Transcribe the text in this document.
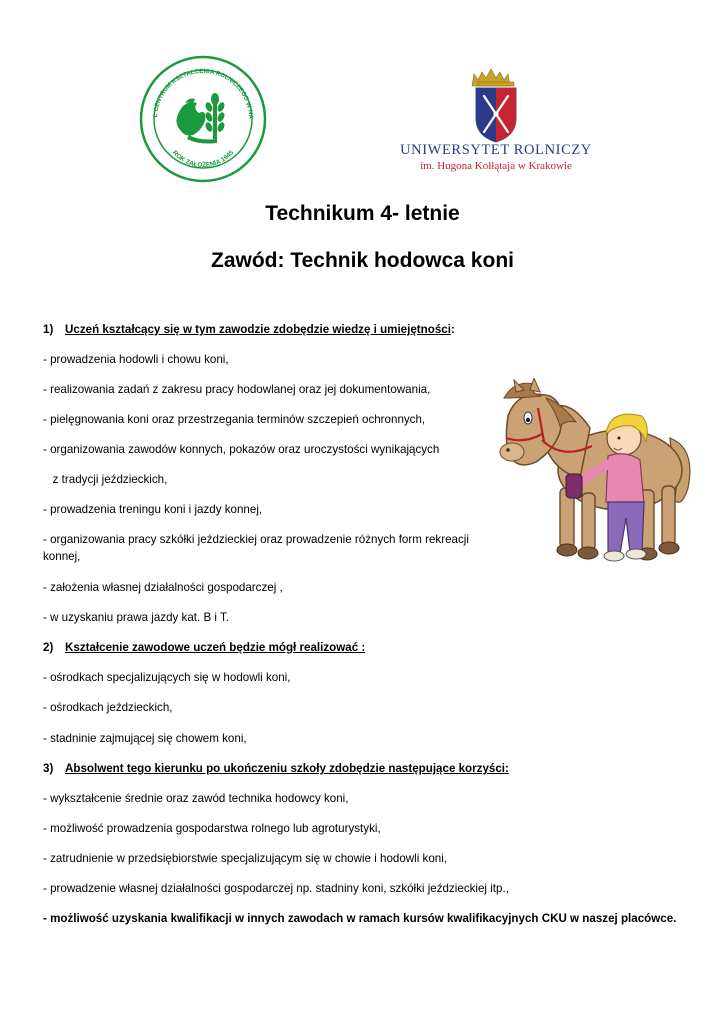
Ł CENTRUM KSZTAŁCENIA ROLNICZEGO W NA
ROK ZAŁOŻENIA 1945	UNIWERSYTET ROLNICZY
im. Hugona Kołłątaja w Krakowie
Technikum 4- letnie
Zawód: Technik hodowca koni
1) Uczeń kształcący się w tym zawodzie zdobędzie wiedzę i umiejętności:
- prowadzenia hodowli i chowu koni,
- realizowania zadań z zakresu pracy hodowlanej oraz jej dokumentowania,
- pielęgnowania koni oraz przestrzegania terminów szczepień ochronnych,
- organizowania zawodów konnych, pokazów oraz uroczystości wynikających
z tradycji jeździeckich,
- prowadzenia treningu koni i jazdy konnej,
- organizowania pracy szkółki jeździeckiej oraz prowadzenie różnych form rekreacji
konnej,
- założenia własnej działalności gospodarczej ,
- w uzyskaniu prawa jazdy kat. B i T.
2) Kształcenie zawodowe uczeń będzie mógł realizować :
- ośrodkach specjalizujących się w hodowli koni,
- ośrodkach jeździeckich,
- stadninie zajmującej się chowem koni,
3) Absolwent tego kierunku po ukończeniu szkoły zdobędzie następujące korzyści:
- wykształcenie średnie oraz zawód technika hodowcy koni,
- możliwość prowadzenia gospodarstwa rolnego lub agroturystyki,
- zatrudnienie w przedsiębiorstwie specjalizującym się w chowie i hodowli koni,
- prowadzenie własnej działalności gospodarczej np. stadniny koni, szkółki jeździeckiej itp.,
- możliwość uzyskania kwalifikacji w innych zawodach w ramach kursów kwalifikacyjnych CKU w naszej placówce.
